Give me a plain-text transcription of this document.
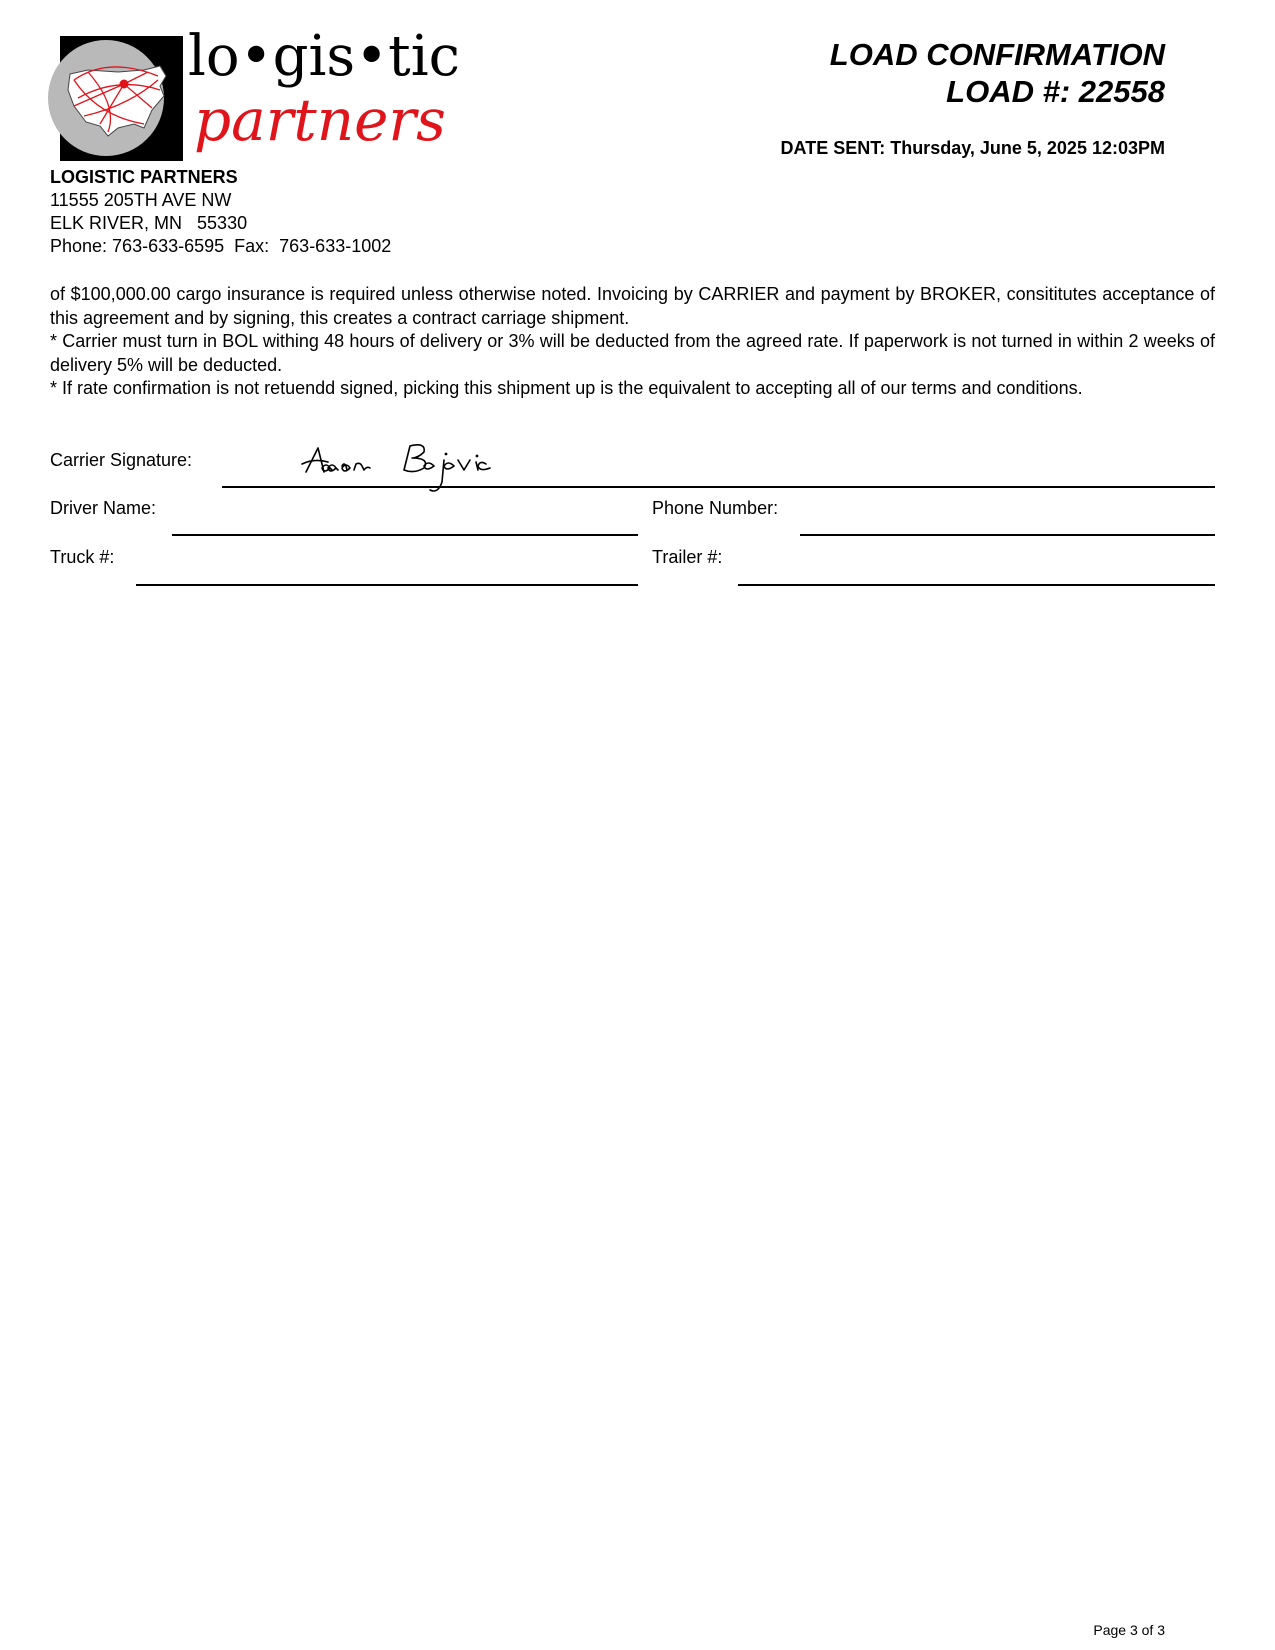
lo•gis•tic
partners
LOAD CONFIRMATION
LOAD #: 22558
DATE SENT: Thursday, June 5, 2025 12:03PM
LOGISTIC PARTNERS
11555 205TH AVE NW
ELK RIVER, MN   55330
Phone: 763-633-6595  Fax:  763-633-1002

of $100,000.00 cargo insurance is required unless otherwise noted. Invoicing by CARRIER and payment by BROKER, consititutes acceptance of this agreement and by signing, this creates a contract carriage shipment.

* Carrier must turn in BOL withing 48 hours of delivery or 3% will be deducted from the agreed rate. If paperwork is not turned in within 2 weeks of delivery 5% will be deducted.

* If rate confirmation is not retuendd signed, picking this shipment up is the equivalent to accepting all of our terms and conditions.

Carrier Signature:
Driver Name:	Phone Number:
Truck #:	Trailer #:
Page 3 of 3
